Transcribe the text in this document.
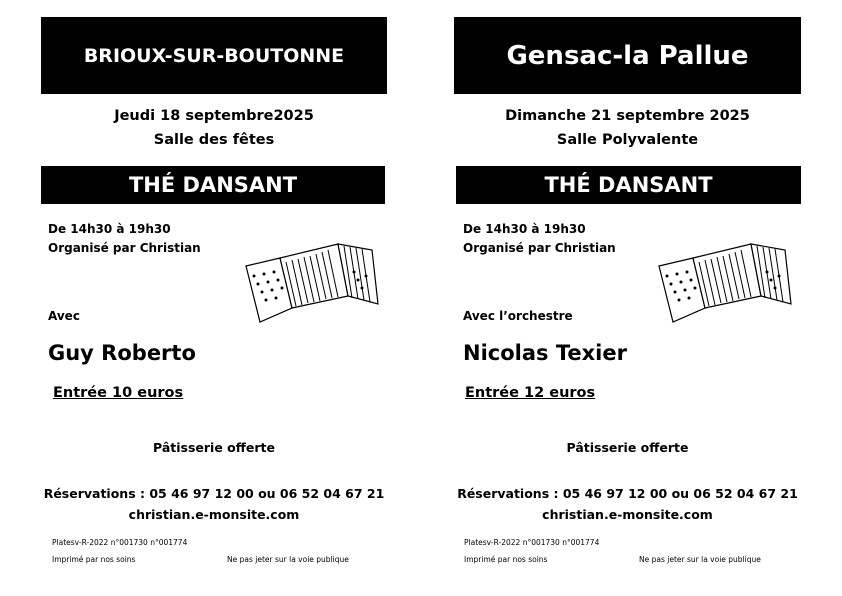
BRIOUX-SUR-BOUTONNE
Jeudi 18 septembre2025
Salle des fêtes
THÉ DANSANT
De 14h30 à 19h30
Organisé par Christian
Avec
Guy Roberto
Entrée 10 euros
Pâtisserie offerte
Réservations : 05 46 97 12 00 ou 06 52 04 67 21
christian.e-monsite.com
Platesv-R-2022 n°001730 n°001774
Imprimé par nos soins	Ne pas jeter sur la voie publique
Gensac-la Pallue
Dimanche 21 septembre 2025
Salle Polyvalente
THÉ DANSANT
De 14h30 à 19h30
Organisé par Christian
Avec l’orchestre
Nicolas Texier
Entrée 12 euros
Pâtisserie offerte
Réservations : 05 46 97 12 00 ou 06 52 04 67 21
christian.e-monsite.com
Platesv-R-2022 n°001730 n°001774
Imprimé par nos soins	Ne pas jeter sur la voie publique
